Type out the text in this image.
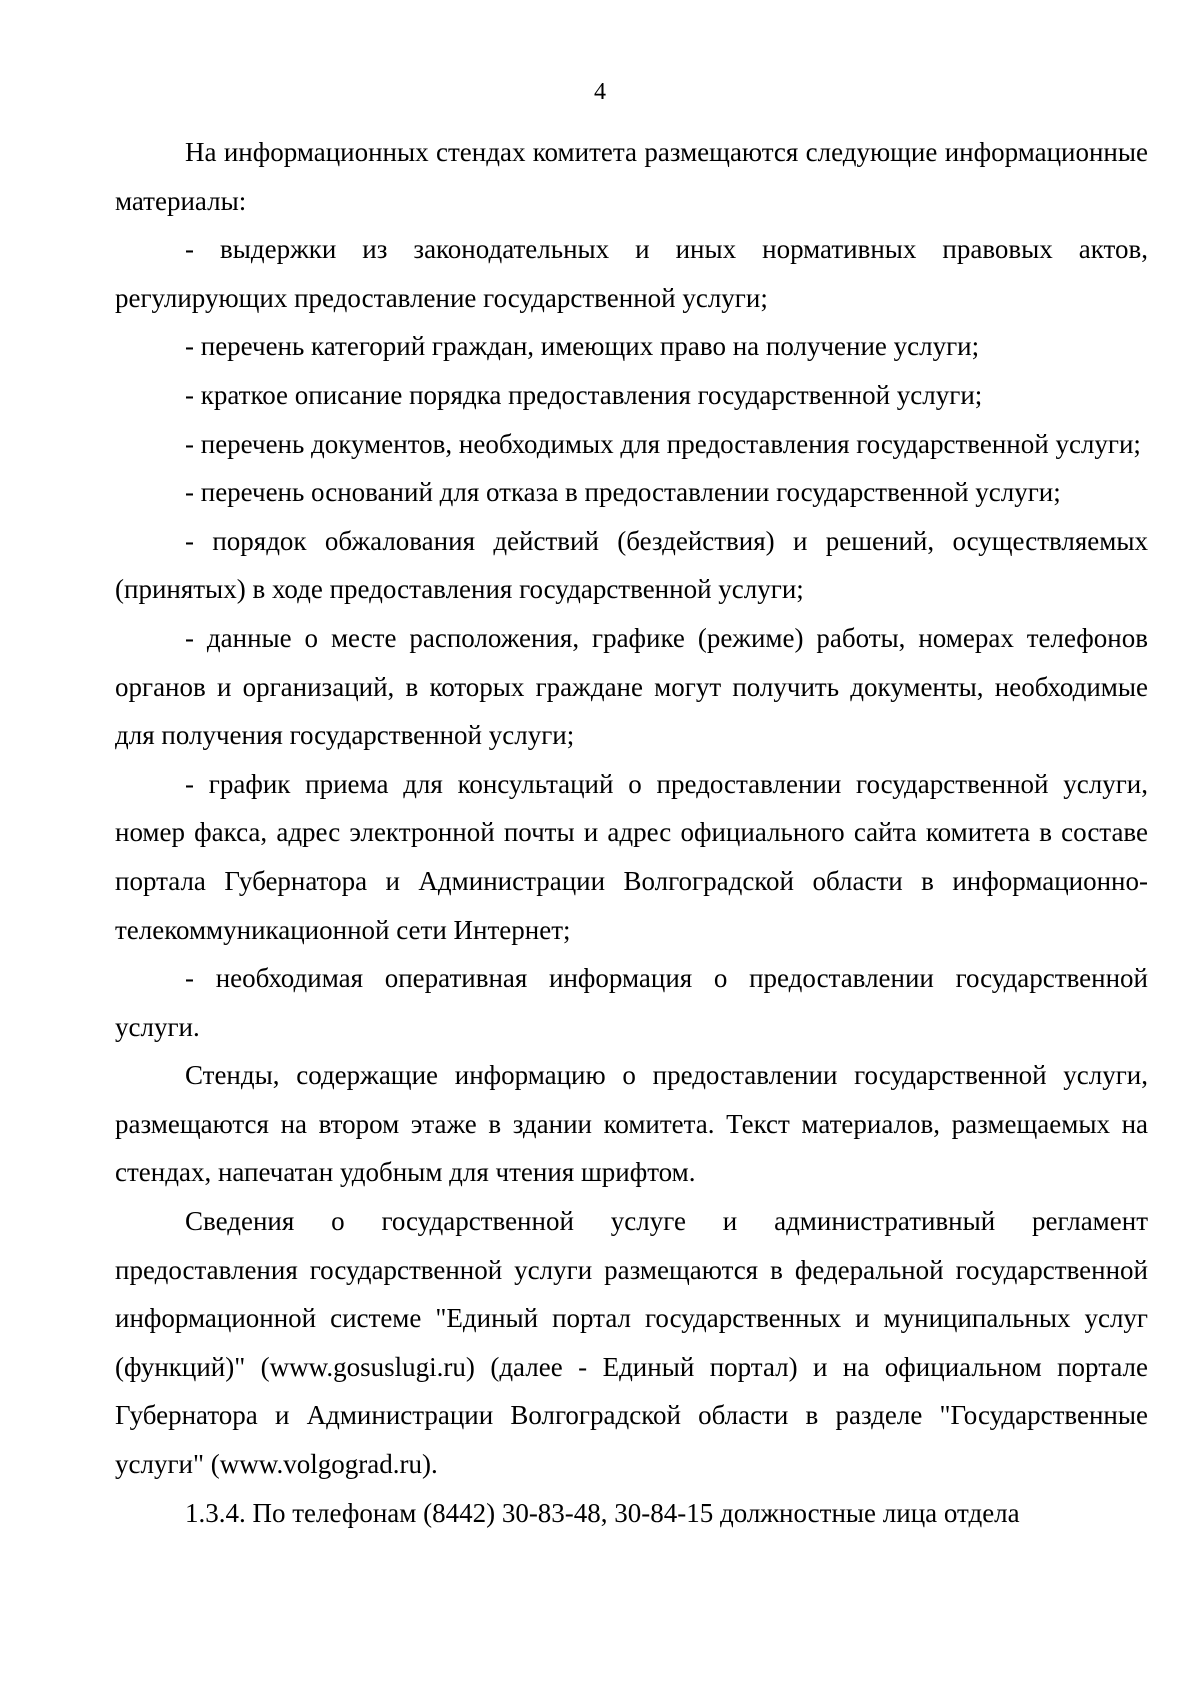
4

На информационных стендах комитета размещаются следующие информационные материалы:

- выдержки из законодательных и иных нормативных правовых актов, регулирующих предоставление государственной услуги;

- перечень категорий граждан, имеющих право на получение услуги;

- краткое описание порядка предоставления государственной услуги;

- перечень документов, необходимых для предоставления государственной услуги;

- перечень оснований для отказа в предоставлении государственной услуги;

- порядок обжалования действий (бездействия) и решений, осуществляемых (принятых) в ходе предоставления государственной услуги;

- данные о месте расположения, графике (режиме) работы, номерах телефонов органов и организаций, в которых граждане могут получить документы, необходимые для получения государственной услуги;

- график приема для консультаций о предоставлении государственной услуги, номер факса, адрес электронной почты и адрес официального сайта комитета в составе портала Губернатора и Администрации Волгоградской области в информационно-телекоммуникационной сети Интернет;

- необходимая оперативная информация о предоставлении государственной услуги.

Стенды, содержащие информацию о предоставлении государственной услуги, размещаются на втором этаже в здании комитета. Текст материалов, размещаемых на стендах, напечатан удобным для чтения шрифтом.

Сведения о государственной услуге и административный регламент предоставления государственной услуги размещаются в федеральной государственной информационной системе "Единый портал государственных и муниципальных услуг (функций)" (www.gosuslugi.ru) (далее - Единый портал) и на официальном портале Губернатора и Администрации Волгоградской области в разделе "Государственные услуги" (www.volgograd.ru).

1.3.4. По телефонам (8442) 30-83-48, 30-84-15 должностные лица отдела
